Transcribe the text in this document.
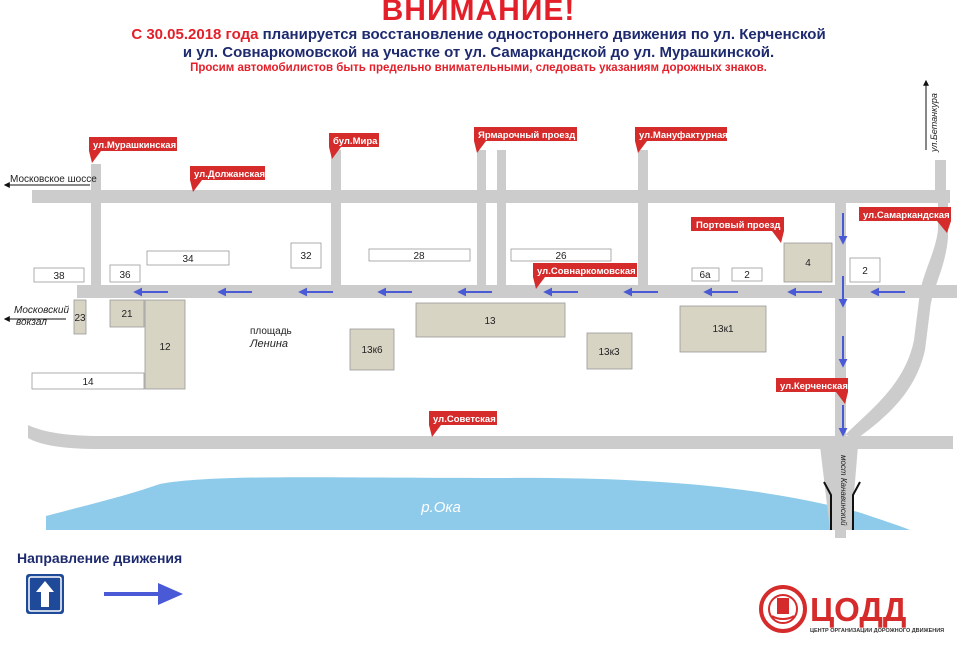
ВНИМАНИЕ!
С 30.05.2018 года планируется восстановление одностороннего движения по ул. Керченской
и ул. Совнаркомовской на участке от ул. Самаркандской до ул. Мурашкинской.
Просим автомобилистов быть предельно внимательными, следовать указаниям дорожных знаков.
38	36
34	32	28	26
6а	2
4
2
23	21
12
13
13к6	13к3
13к1
14
Московское шоссе
Московский
вокзал
площадь
Ленина
ул.Бетанкура
мост Канавинский
р.Ока
ул.Мурашкинская	бул.Мира
Ярмарочный проезд	ул.Мануфактурная
ул.Должанская
Портовый проезд
ул.Самаркандская
ул.Совнаркомовская
ул.Керченская
ул.Советская
ЦОДД
ЦЕНТР ОРГАНИЗАЦИИ ДОРОЖНОГО ДВИЖЕНИЯ
Направление движения
